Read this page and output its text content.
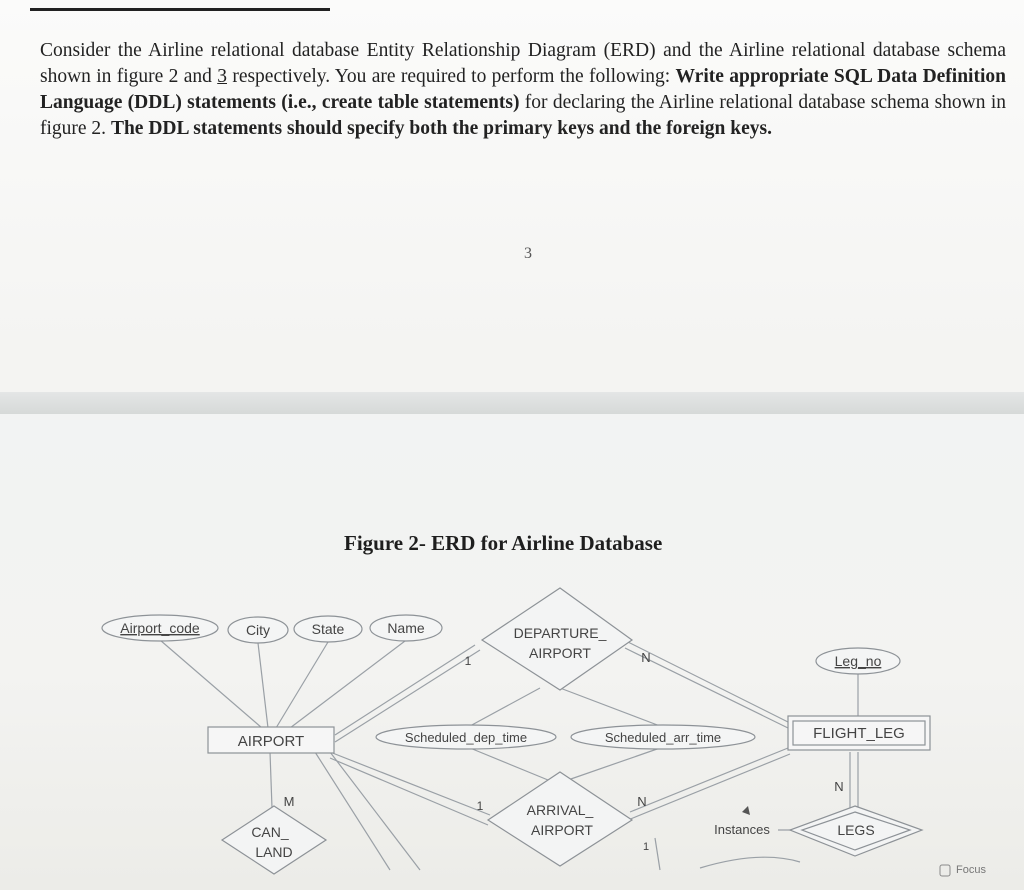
Consider the Airline relational database Entity Relationship Diagram (ERD) and the Airline relational database schema shown in figure 2 and 3 respectively. You are required to perform the following: Write appropriate SQL Data Definition Language (DDL) statements (i.e., create table statements) for declaring the Airline relational database schema shown in figure 2. The DDL statements should specify both the primary keys and the foreign keys.
3
Figure 2- ERD for Airline Database
Airport_code	City	State	Name
Leg_no
Scheduled_dep_time	Scheduled_arr_time
AIRPORT	FLIGHT_LEG
DEPARTURE_
AIRPORT
ARRIVAL_
AIRPORT
CAN_
LAND
LEGS
Instances
1	N
1	N
M
N
1
Focus
